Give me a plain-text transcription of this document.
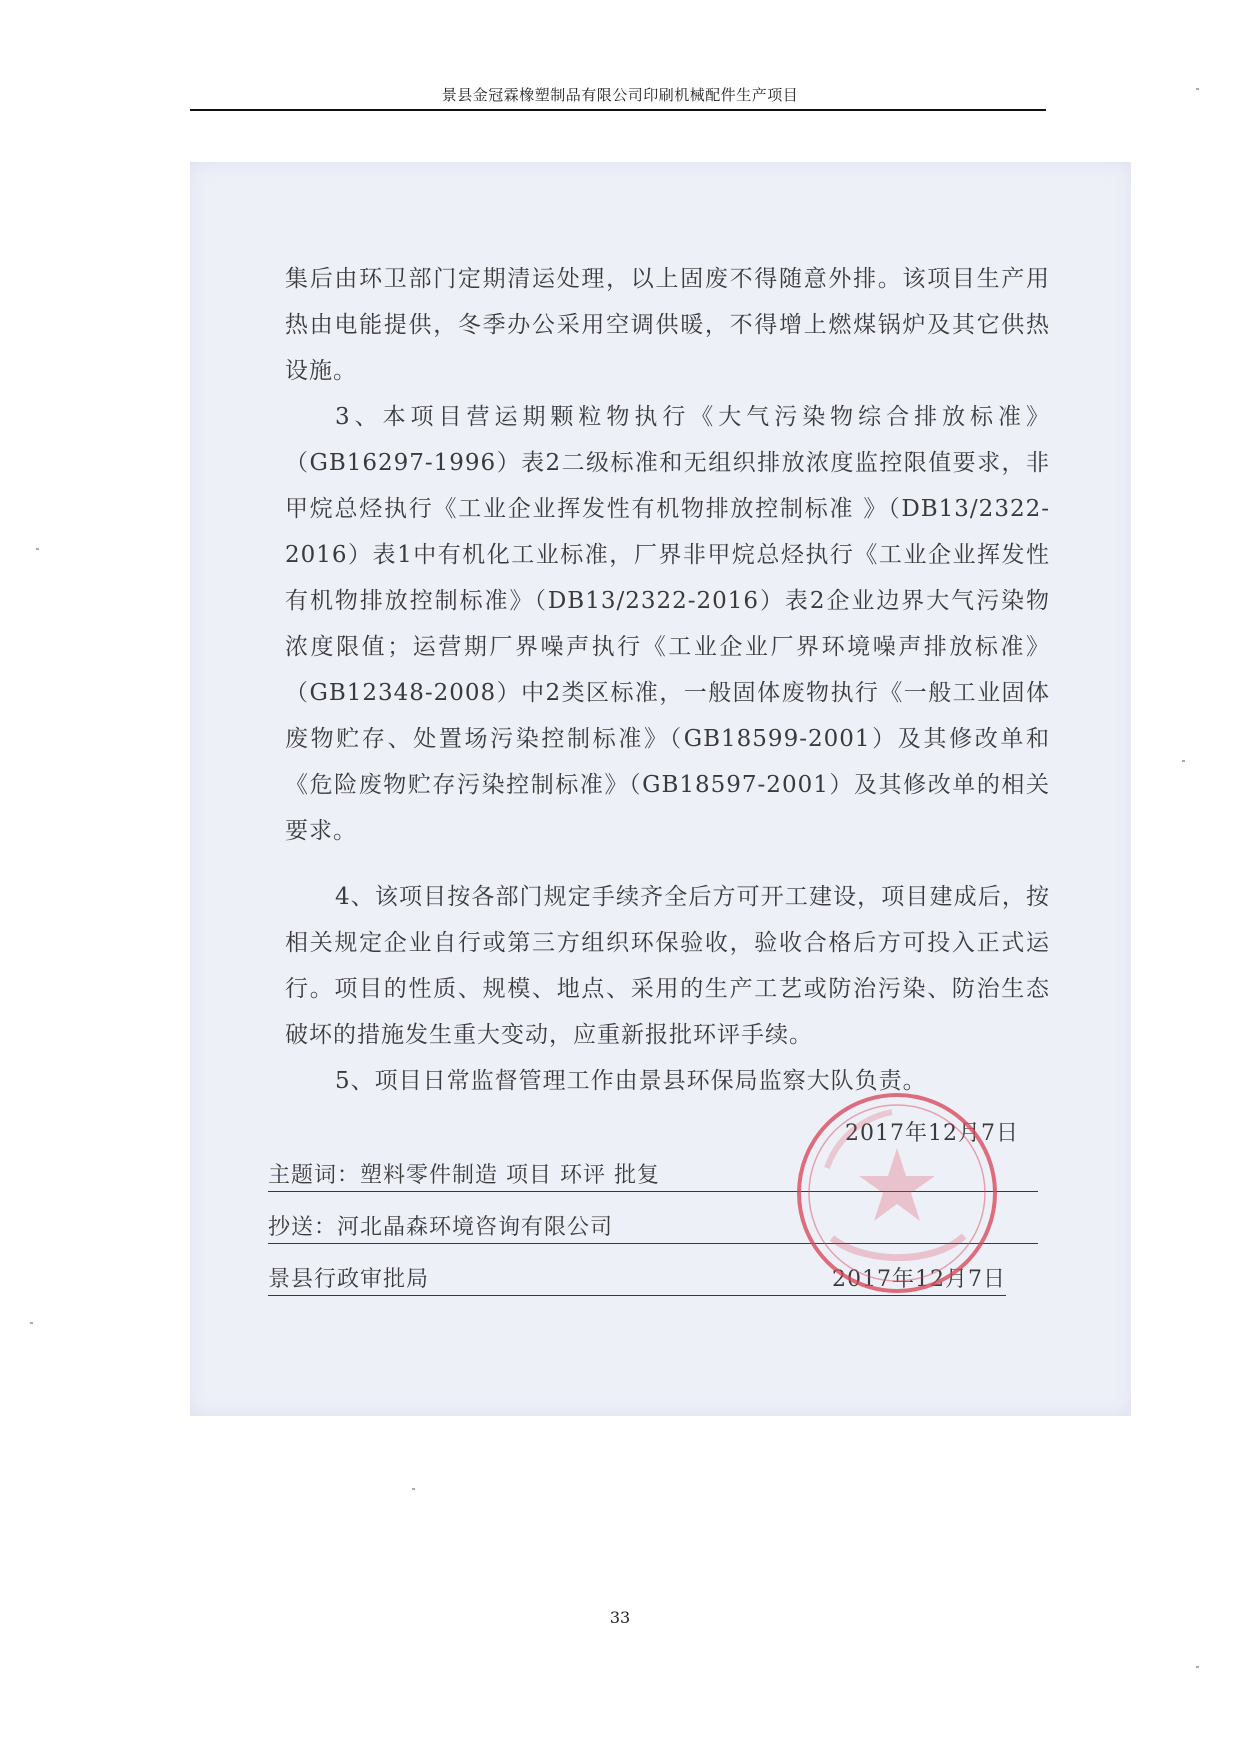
景县金冠霖橡塑制品有限公司印刷机械配件生产项目

集后由环卫部门定期清运处理，以上固废不得随意外排。该项目生产用热由电能提供，冬季办公采用空调供暖，不得增上燃煤锅炉及其它供热设施。

3、本项目营运期颗粒物执行《大气污染物综合排放标准》（GB16297-1996）表2二级标准和无组织排放浓度监控限值要求，非甲烷总烃执行《工业企业挥发性有机物排放控制标准 》（DB13/2322-2016）表1中有机化工业标准，厂界非甲烷总烃执行《工业企业挥发性有机物排放控制标准》（DB13/2322-2016）表2企业边界大气污染物浓度限值；运营期厂界噪声执行《工业企业厂界环境噪声排放标准》（GB12348-2008）中2类区标准，一般固体废物执行《一般工业固体废物贮存、处置场污染控制标准》（GB18599-2001）及其修改单和《危险废物贮存污染控制标准》（GB18597-2001）及其修改单的相关要求。

4、该项目按各部门规定手续齐全后方可开工建设，项目建成后，按相关规定企业自行或第三方组织环保验收，验收合格后方可投入正式运行。项目的性质、规模、地点、采用的生产工艺或防治污染、防治生态破坏的措施发生重大变动，应重新报批环评手续。

5、项目日常监督管理工作由景县环保局监察大队负责。

2017年12月7日
主题词：塑料零件制造 项目 环评 批复
抄送：河北晶森环境咨询有限公司
景县行政审批局	2017年12月7日
33
